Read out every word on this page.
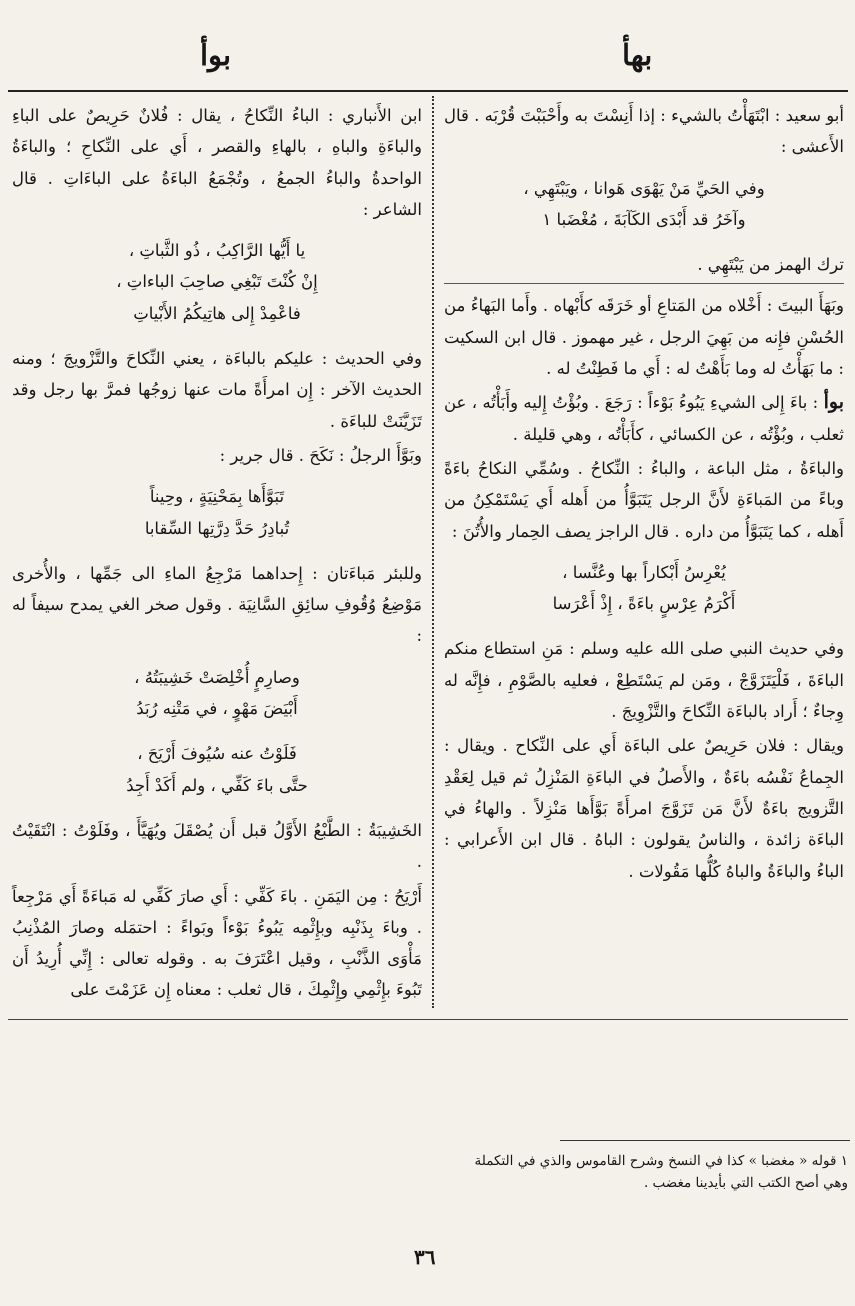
بهأ
بوأ

أبو سعيد : ابْتَهَأْتُ بالشيء : إذا أَنِسْتَ به وأَحْبَبْتَ قُرْبَه . قال الأَعشى :

وفي الحَيِّ مَنْ يَهْوَى هَوانا ، ويَبْتَهِي ،
وآخَرُ قد أَبْدَى الكَآبَةَ ، مُغْضَبا ١

ترك الهمز من يَبْتَهِي .

وبَهَأَ البيتَ : أَخْلاه من المَتاعِ أو خَرَقَه كأَبْهاه . وأَما البَهاءُ من الحُسْنِ فإِنه من بَهِيَ الرجل ، غير مهموز . قال ابن السكيت : ما بَهَأْتُ له وما بَأَهْتُ له : أَي ما فَطِنْتُ له .

بوأ : باءَ إِلى الشيءِ يَبُوءُ بَوْءاً : رَجَعَ . وبُؤْتُ إِليه وأَبَأْتُه ، عن ثعلب ، وبُؤْتُه ، عن الكسائي ، كأَبَأْتُه ، وهي قليلة .

والباءَةُ ، مثل الباعة ، والباءُ : النِّكاحُ . وسُمِّي النكاحُ باءَةً وباءً من المَباءَةِ لأَنَّ الرجل يَتَبَوَّأُ من أَهله أَي يَسْتَمْكِنُ من أَهله ، كما يَتَبَوَّأُ من داره . قال الراجز يصف الحِمار والأُتُنَ :

يُعْرِسُ أَبْكاراً بها وعُنَّسا ،
أَكْرَمُ عِرْسٍ باءَةً ، إِذْ أَعْرَسا

وفي حديث النبي صلى الله عليه وسلم : مَنِ استطاع منكم الباءَةَ ، فَلْيَتَزَوَّجْ ، ومَن لم يَسْتَطِعْ ، فعليه بالصَّوْمِ ، فإِنَّه له وِجاءٌ ؛ أَراد بالباءَة النِّكاحَ والتَّزْوِيجَ .

ويقال : فلان حَرِيصٌ على الباءَة أَي على النِّكاح . ويقال : الجِماعُ نَفْسُه باءَةٌ ، والأَصلُ في الباءَةِ المَنْزِلُ ثم قيل لِعَقْدِ التَّزويج باءَةٌ لأَنَّ مَن تَزَوَّجَ امرأَةً بَوَّأَها مَنْزِلاً . والهاءُ في الباءَة زائدة ، والناسُ يقولون : الباهُ . قال ابن الأَعرابي : الباءُ والباءَةُ والباهُ كُلُّها مَقُولات .

ابن الأَنباري : الباءُ النِّكاحُ ، يقال : فُلانٌ حَرِيصٌ على الباءِ والباءَةِ والباهِ ، بالهاءِ والقصر ، أَي على النِّكاحِ ؛ والباءَةُ الواحدةُ والباءُ الجمعُ ، وتُجْمَعُ الباءَةُ على الباءَاتِ . قال الشاعر :

يا أَيُّها الرَّاكِبُ ، ذُو الثَّباتِ ،
إِنْ كُنْتَ تَبْغِي صاحِبَ الباءاتِ ،
فاعْمِدْ إِلى هاتِيكُمُ الأَبْياتِ

وفي الحديث : عليكم بالباءَة ، يعني النِّكاحَ والتَّزْويجَ ؛ ومنه الحديث الآخر : إِن امرأَةً مات عنها زوجُها فمرَّ بها رجل وقد تَزَيَّنَتْ للباءَة .

وبَوَّأَ الرجلُ : نَكَحَ . قال جرير :

تَبَوَّأَها بِمَحْنِيَةٍ ، وحِيناً
تُبادِرُ حَدَّ دِرَّتِها السِّقابا

وللبئر مَباءَتان : إِحداهما مَرْجِعُ الماءِ الى جَمِّها ، والأُخرى مَوْضِعُ وُقُوفِ سائِقِ السَّانِيَة . وقول صخر الغي يمدح سيفاً له :

وصارِمٍ أُخْلِصَتْ خَشِيبَتُهُ ،
أَبْيَضَ مَهْوٍ ، في مَتْنِه رُبَدُ
فَلَوْتُ عنه سُيُوفَ أَرْيَحَ ،
حتَّى باءَ كَفِّي ، ولم أَكَدْ أَجِدُ

الخَشِيبَةُ : الطَّبْعُ الأَوَّلُ قبل أَن يُصْقَلَ ويُهَيَّأَ ، وفَلَوْتُ : انْتَقَيْتُ .

أَرْيَحُ : مِن اليَمَنِ . باءَ كَفِّي : أَي صارَ كَفِّي له مَباءَةً أَي مَرْجِعاً . وباءَ بِذَنْبِه وبإِثْمِه يَبُوءُ بَوْءاً وبَواءً : احتمَله وصارَ المُذْنِبُ مَأْوَى الذَّنْبِ ، وقيل اعْتَرَفَ به . وقوله تعالى : إِنِّي أُرِيدُ أَن تَبُوءَ بإِثْمِي وإِثْمِكَ ، قال ثعلب : معناه إِن عَزَمْتَ على

١ قوله « مغضبا » كذا في النسخ وشرح القاموس والذي في التكملة وهي أصح الكتب التي بأيدينا مغضب .
٣٦
